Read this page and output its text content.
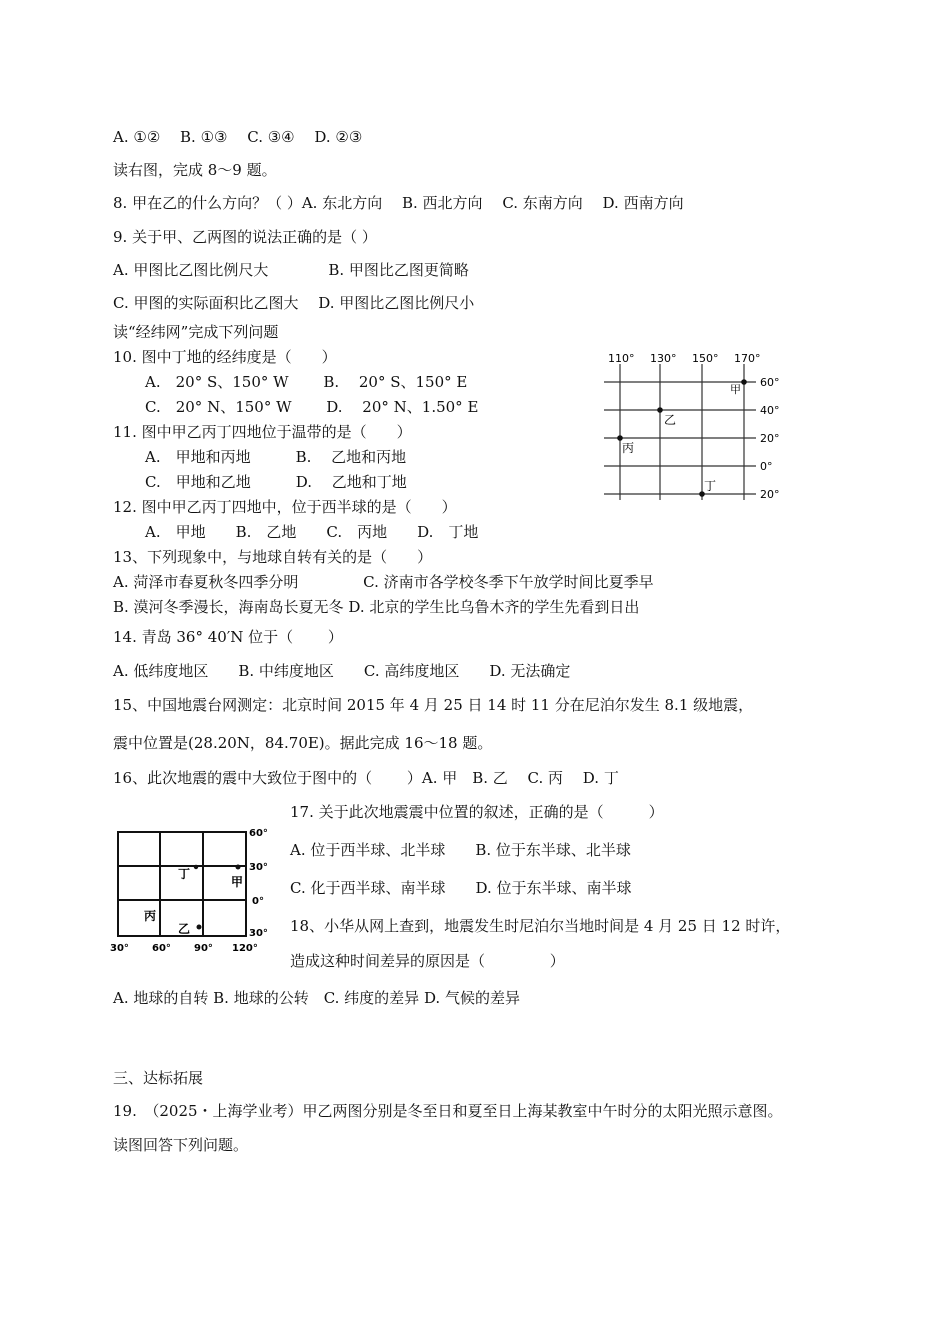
A. ①②　 B. ①③　 C. ③④　 D. ②③
读右图，完成 8～9 题。
8. 甲在乙的什么方向？（ ）A. 东北方向　 B. 西北方向　 C. 东南方向　 D. 西南方向
9. 关于甲、乙两图的说法正确的是（ ）
A. 甲图比乙图比例尺大　　　　B. 甲图比乙图更简略
C. 甲图的实际面积比乙图大　 D. 甲图比乙图比例尺小
读“经纬网”完成下列问题
10. 图中丁地的经纬度是（　　）
A.　20° S、150° W　　 B.　 20° S、150° E
C.　20° N、150° W　　 D.　 20° N、1.50° E
11. 图中甲乙丙丁四地位于温带的是（　　）
A.　甲地和丙地　　　B.　 乙地和丙地
C.　甲地和乙地　　　D.　 乙地和丁地
12. 图中甲乙丙丁四地中，位于西半球的是（　　）
A.　甲地　　B.　乙地　　C.　丙地　　D.　丁地
13、下列现象中，与地球自转有关的是（　　）
A. 菏泽市春夏秋冬四季分明　　　　 C. 济南市各学校冬季下午放学时间比夏季早
B. 漠河冬季漫长，海南岛长夏无冬 D. 北京的学生比乌鲁木齐的学生先看到日出
14. 青岛 36° 40′N 位于（　　 ）
A. 低纬度地区　　B. 中纬度地区　　C. 高纬度地区　　D. 无法确定
15、中国地震台网测定：北京时间 2015 年 4 月 25 日 14 时 11 分在尼泊尔发生 8.1 级地震，
震中位置是(28.20N，84.70E)。据此完成 16～18 题。
16、此次地震的震中大致位于图中的（　　 ）A. 甲　B. 乙　 C. 丙　 D. 丁
17. 关于此次地震震中位置的叙述，正确的是（　　　）
A. 位于西半球、北半球　　B. 位于东半球、北半球
C. 化于西半球、南半球　　D. 位于东半球、南半球
18、小华从网上查到，地震发生时尼泊尔当地时间是 4 月 25 日 12 时许，
造成这种时间差异的原因是（　　　　 ）
A. 地球的自转 B. 地球的公转　C. 纬度的差异 D. 气候的差异
三、达标拓展
19.　（2025・上海学业考）甲乙两图分别是冬至日和夏至日上海某教室中午时分的太阳光照示意图。
读图回答下列问题。
110° 130° 150° 170°
60°
40°
20°
0°
20°
甲
乙
丙
丁
60°
30°
0°
30°
30° 60° 90° 120°
丁
甲
丙
乙
